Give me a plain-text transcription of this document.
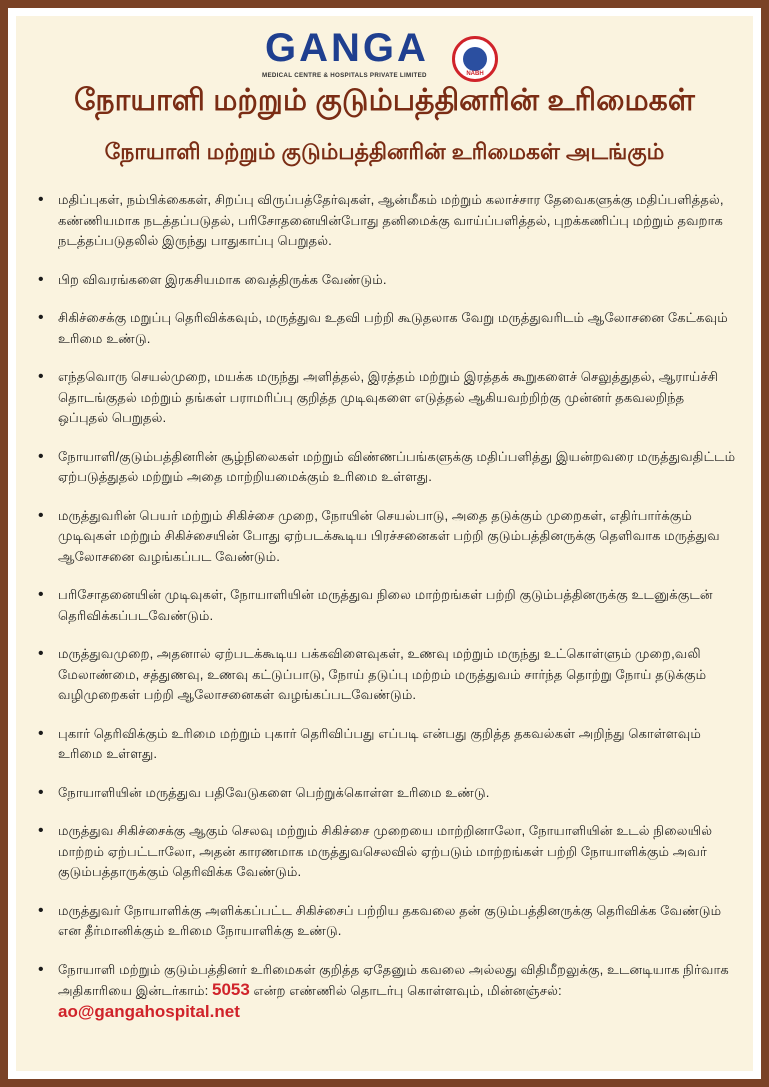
GANGA
MEDICAL CENTRE & HOSPITALS PRIVATE LIMITED	NABH
நோயாளி மற்றும் குடும்பத்தினரின் உரிமைகள்
நோயாளி மற்றும் குடும்பத்தினரின் உரிமைகள் அடங்கும்
• மதிப்புகள், நம்பிக்கைகள், சிறப்பு விருப்பத்தேர்வுகள், ஆன்மீகம் மற்றும் கலாச்சார தேவைகளுக்கு மதிப்பளித்தல், கண்ணியமாக நடத்தப்படுதல், பரிசோதனையின்போது தனிமைக்கு வாய்ப்பளித்தல், புறக்கணிப்பு மற்றும் தவறாக நடத்தப்படுதலில் இருந்து பாதுகாப்பு பெறுதல்.
• பிற விவரங்களை இரகசியமாக வைத்திருக்க வேண்டும்.
• சிகிச்சைக்கு மறுப்பு தெரிவிக்கவும், மருத்துவ உதவி பற்றி கூடுதலாக வேறு மருத்துவரிடம் ஆலோசனை கேட்கவும் உரிமை உண்டு.
• எந்தவொரு செயல்முறை, மயக்க மருந்து அளித்தல், இரத்தம் மற்றும் இரத்தக் கூறுகளைச் செலுத்துதல், ஆராய்ச்சி தொடங்குதல் மற்றும் தங்கள் பராமரிப்பு குறித்த முடிவுகளை எடுத்தல் ஆகியவற்றிற்கு முன்னர் தகவலறிந்த ஒப்புதல் பெறுதல்.
• நோயாளி/குடும்பத்தினரின் சூழ்நிலைகள் மற்றும் விண்ணப்பங்களுக்கு மதிப்பளித்து இயன்றவரை மருத்துவதிட்டம் ஏற்படுத்துதல் மற்றும் அதை மாற்றியமைக்கும் உரிமை உள்ளது.
• மருத்துவரின் பெயர் மற்றும் சிகிச்சை முறை, நோயின் செயல்பாடு, அதை தடுக்கும் முறைகள், எதிர்பார்க்கும் முடிவுகள் மற்றும் சிகிச்சையின் போது ஏற்படக்கூடிய பிரச்சனைகள் பற்றி குடும்பத்தினருக்கு தெளிவாக மருத்துவ ஆலோசனை வழங்கப்பட வேண்டும்.
• பரிசோதனையின் முடிவுகள், நோயாளியின் மருத்துவ நிலை மாற்றங்கள் பற்றி குடும்பத்தினருக்கு உடனுக்குடன் தெரிவிக்கப்படவேண்டும்.
• மருத்துவமுறை, அதனால் ஏற்படக்கூடிய பக்கவிளைவுகள், உணவு மற்றும் மருந்து உட்கொள்ளும் முறை,வலி மேலாண்மை, சத்துணவு, உணவு கட்டுப்பாடு, நோய் தடுப்பு மற்றம் மருத்துவம் சார்ந்த தொற்று நோய் தடுக்கும் வழிமுறைகள் பற்றி ஆலோசனைகள் வழங்கப்படவேண்டும்.
• புகார் தெரிவிக்கும் உரிமை மற்றும் புகார் தெரிவிப்பது எப்படி என்பது குறித்த தகவல்கள் அறிந்து கொள்ளவும் உரிமை உள்ளது.
• நோயாளியின் மருத்துவ பதிவேடுகளை பெற்றுக்கொள்ள உரிமை உண்டு.
• மருத்துவ சிகிச்சைக்கு ஆகும் செலவு மற்றும் சிகிச்சை முறையை மாற்றினாலோ, நோயாளியின் உடல் நிலையில் மாற்றம் ஏற்பட்டாலோ, அதன் காரணமாக மருத்துவசெலவில் ஏற்படும் மாற்றங்கள் பற்றி நோயாளிக்கும் அவர் குடும்பத்தாருக்கும் தெரிவிக்க வேண்டும்.
• மருத்துவர் நோயாளிக்கு அளிக்கப்பட்ட சிகிச்சைப் பற்றிய தகவலை தன் குடும்பத்தினருக்கு தெரிவிக்க வேண்டும் என தீர்மானிக்கும் உரிமை நோயாளிக்கு உண்டு.
• நோயாளி மற்றும் குடும்பத்தினர் உரிமைகள் குறித்த ஏதேனும் கவலை அல்லது விதிமீறலுக்கு, உடனடியாக நிர்வாக அதிகாரியை இன்டர்காம்: 5053 என்ற எண்ணில் தொடர்பு கொள்ளவும், மின்னஞ்சல்: ao@gangahospital.net
